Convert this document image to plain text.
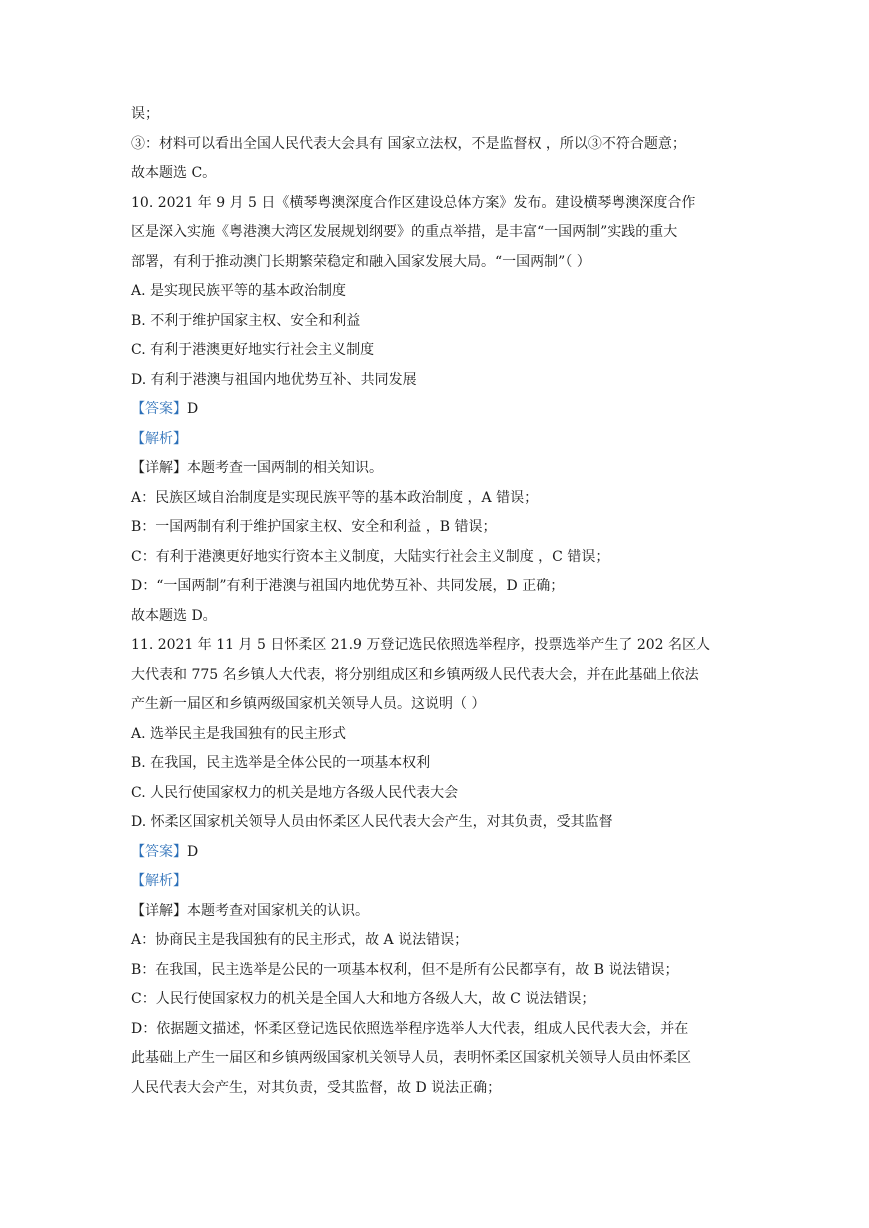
误；
③：材料可以看出全国人民代表大会具有 国家立法权，不是监督权 ，所以③不符合题意；
故本题选 C。
10. 2021 年 9 月 5 日《横琴粤澳深度合作区建设总体方案》发布。建设横琴粤澳深度合作
区是深入实施《粤港澳大湾区发展规划纲要》的重点举措，是丰富“一国两制”实践的重大
部署，有利于推动澳门长期繁荣稳定和融入国家发展大局。“一国两制”（ ）
A. 是实现民族平等的基本政治制度
B. 不利于维护国家主权、安全和利益
C. 有利于港澳更好地实行社会主义制度
D. 有利于港澳与祖国内地优势互补、共同发展
【答案】D
【解析】
【详解】本题考查一国两制的相关知识。
A：民族区域自治制度是实现民族平等的基本政治制度 ，A 错误；
B：一国两制有利于维护国家主权、安全和利益 ，B 错误；
C：有利于港澳更好地实行资本主义制度，大陆实行社会主义制度 ，C 错误；
D：“一国两制”有利于港澳与祖国内地优势互补、共同发展，D 正确；
故本题选 D。
11. 2021 年 11 月 5 日怀柔区 21.9 万登记选民依照选举程序，投票选举产生了 202 名区人
大代表和 775 名乡镇人大代表，将分别组成区和乡镇两级人民代表大会，并在此基础上依法
产生新一届区和乡镇两级国家机关领导人员。这说明（ ）
A. 选举民主是我国独有的民主形式
B. 在我国，民主选举是全体公民的一项基本权利
C. 人民行使国家权力的机关是地方各级人民代表大会
D. 怀柔区国家机关领导人员由怀柔区人民代表大会产生，对其负责，受其监督
【答案】D
【解析】
【详解】本题考查对国家机关的认识。
A：协商民主是我国独有的民主形式，故 A 说法错误；
B：在我国，民主选举是公民的一项基本权利，但不是所有公民都享有，故 B 说法错误；
C：人民行使国家权力的机关是全国人大和地方各级人大，故 C 说法错误；
D：依据题文描述，怀柔区登记选民依照选举程序选举人大代表，组成人民代表大会，并在
此基础上产生一届区和乡镇两级国家机关领导人员，表明怀柔区国家机关领导人员由怀柔区
人民代表大会产生，对其负责，受其监督，故 D 说法正确；
